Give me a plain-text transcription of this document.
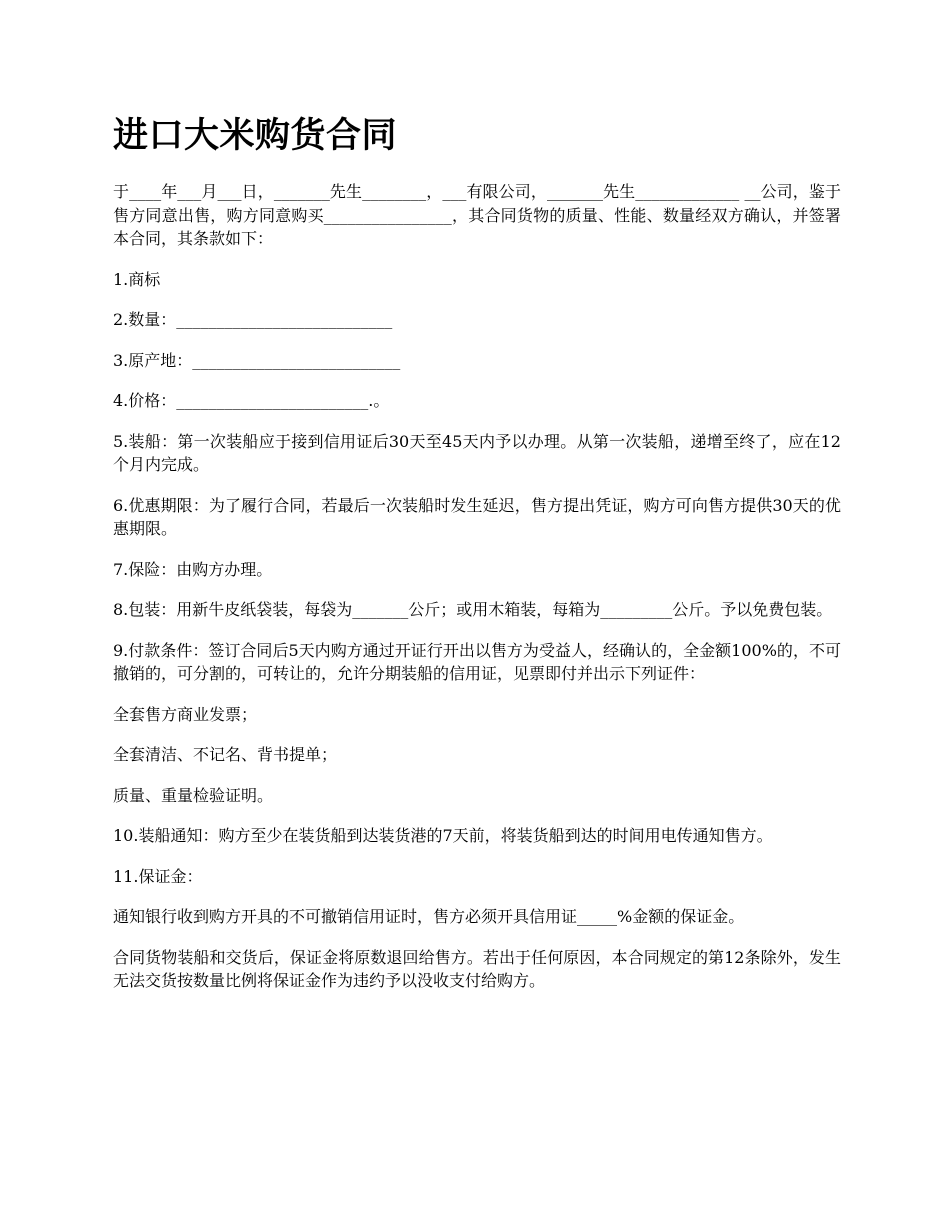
进口大米购货合同

于____年___月___日，_______先生________，___有限公司，_______先生_____________ __公司，鉴于售方同意出售，购方同意购买________________，其合同货物的质量、性能、数量经双方确认，并签署本合同，其条款如下：

1.商标

2.数量：___________________________

3.原产地：__________________________

4.价格：________________________.。

5.装船：第一次装船应于接到信用证后30天至45天内予以办理。从第一次装船，递增至终了，应在12个月内完成。

6.优惠期限：为了履行合同，若最后一次装船时发生延迟，售方提出凭证，购方可向售方提供30天的优惠期限。

7.保险：由购方办理。

8.包装：用新牛皮纸袋装，每袋为_______公斤；或用木箱装，每箱为_________公斤。予以免费包装。

9.付款条件：签订合同后5天内购方通过开证行开出以售方为受益人，经确认的，全金额100%的，不可撤销的，可分割的，可转让的，允许分期装船的信用证，见票即付并出示下列证件：

全套售方商业发票；

全套清洁、不记名、背书提单；

质量、重量检验证明。

10.装船通知：购方至少在装货船到达装货港的7天前，将装货船到达的时间用电传通知售方。

11.保证金：

通知银行收到购方开具的不可撤销信用证时，售方必须开具信用证_____%金额的保证金。

合同货物装船和交货后，保证金将原数退回给售方。若出于任何原因，本合同规定的第12条除外，发生无法交货按数量比例将保证金作为违约予以没收支付给购方。
